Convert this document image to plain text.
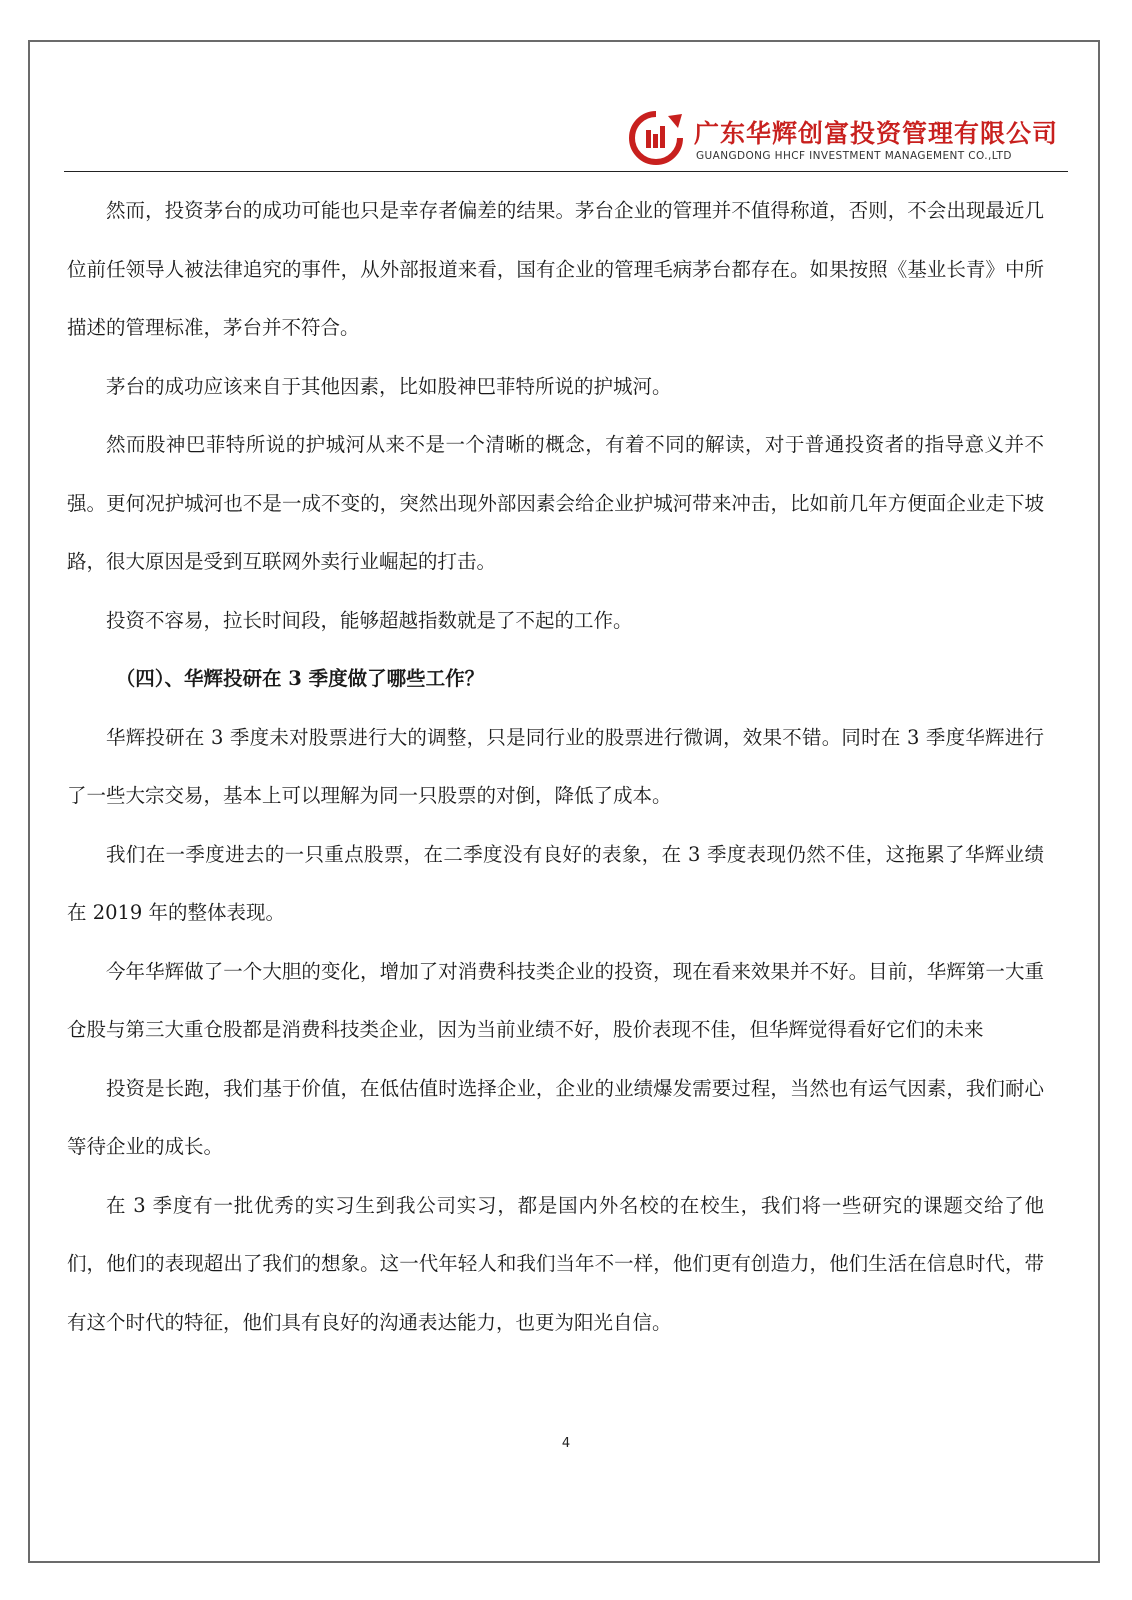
广东华辉创富投资管理有限公司
GUANGDONG HHCF INVESTMENT MANAGEMENT CO.,LTD

然而，投资茅台的成功可能也只是幸存者偏差的结果。茅台企业的管理并不值得称道，否则，不会出现最近几位前任领导人被法律追究的事件，从外部报道来看，国有企业的管理毛病茅台都存在。如果按照《基业长青》中所描述的管理标准，茅台并不符合。

茅台的成功应该来自于其他因素，比如股神巴菲特所说的护城河。

然而股神巴菲特所说的护城河从来不是一个清晰的概念，有着不同的解读，对于普通投资者的指导意义并不强。更何况护城河也不是一成不变的，突然出现外部因素会给企业护城河带来冲击，比如前几年方便面企业走下坡路，很大原因是受到互联网外卖行业崛起的打击。

投资不容易，拉长时间段，能够超越指数就是了不起的工作。

（四）、华辉投研在 3 季度做了哪些工作？

华辉投研在 3 季度未对股票进行大的调整，只是同行业的股票进行微调，效果不错。同时在 3 季度华辉进行了一些大宗交易，基本上可以理解为同一只股票的对倒，降低了成本。

我们在一季度进去的一只重点股票，在二季度没有良好的表象，在 3 季度表现仍然不佳，这拖累了华辉业绩在 2019 年的整体表现。

今年华辉做了一个大胆的变化，增加了对消费科技类企业的投资，现在看来效果并不好。目前，华辉第一大重仓股与第三大重仓股都是消费科技类企业，因为当前业绩不好，股价表现不佳，但华辉觉得看好它们的未来

投资是长跑，我们基于价值，在低估值时选择企业，企业的业绩爆发需要过程，当然也有运气因素，我们耐心等待企业的成长。

在 3 季度有一批优秀的实习生到我公司实习，都是国内外名校的在校生，我们将一些研究的课题交给了他们，他们的表现超出了我们的想象。这一代年轻人和我们当年不一样，他们更有创造力，他们生活在信息时代，带有这个时代的特征，他们具有良好的沟通表达能力，也更为阳光自信。

4
